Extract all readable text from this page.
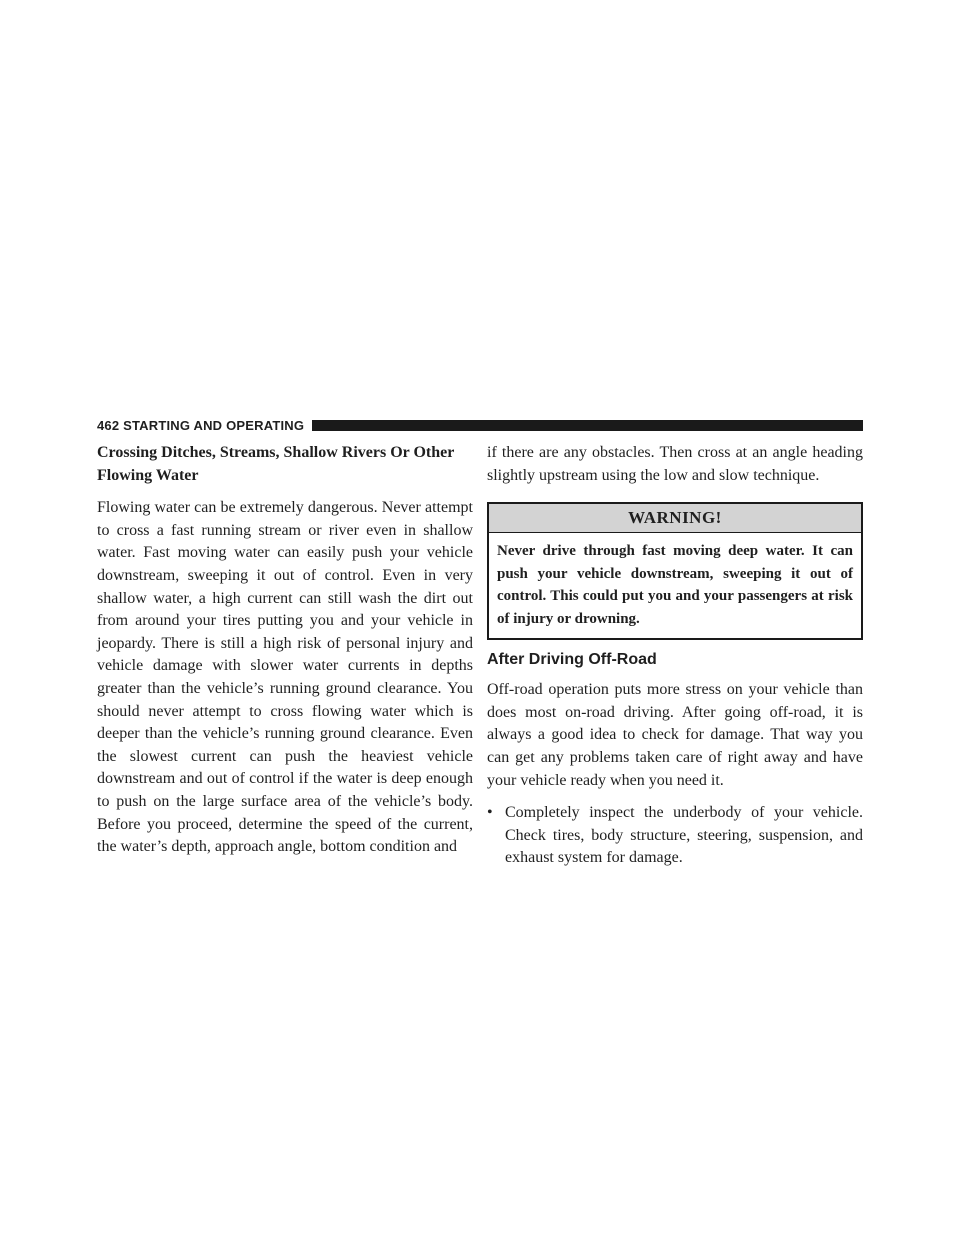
462 STARTING AND OPERATING
Crossing Ditches, Streams, Shallow Rivers Or Other Flowing Water

Flowing water can be extremely dangerous. Never attempt to cross a fast running stream or river even in shallow water. Fast moving water can easily push your vehicle downstream, sweeping it out of control. Even in very shallow water, a high current can still wash the dirt out from around your tires putting you and your vehicle in jeopardy. There is still a high risk of personal injury and vehicle damage with slower water currents in depths greater than the vehicle’s running ground clearance. You should never attempt to cross flowing water which is deeper than the vehicle’s running ground clearance. Even the slowest current can push the heaviest vehicle downstream and out of control if the water is deep enough to push on the large surface area of the vehicle’s body. Before you proceed, determine the speed of the current, the water’s depth, approach angle, bottom condition and

if there are any obstacles. Then cross at an angle heading slightly upstream using the low and slow technique.

WARNING!
Never drive through fast moving deep water. It can push your vehicle downstream, sweeping it out of control. This could put you and your passengers at risk of injury or drowning.
After Driving Off-Road

Off-road operation puts more stress on your vehicle than does most on-road driving. After going off-road, it is always a good idea to check for damage. That way you can get any problems taken care of right away and have your vehicle ready when you need it.

• Completely inspect the underbody of your vehicle. Check tires, body structure, steering, suspension, and exhaust system for damage.
